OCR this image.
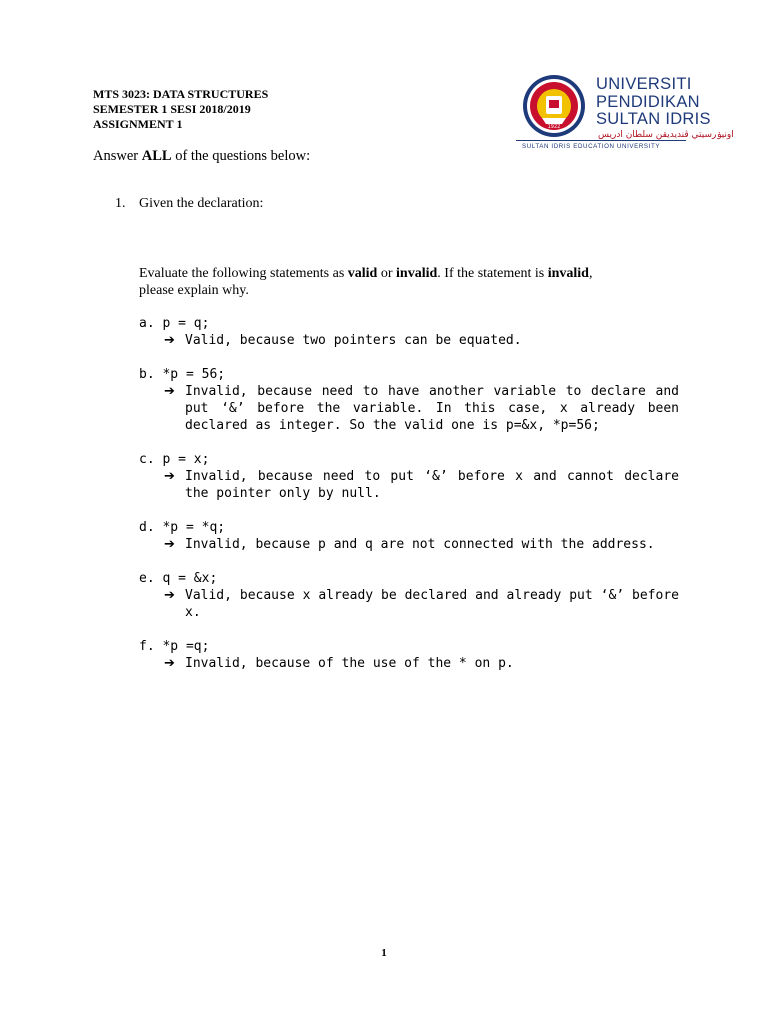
MTS 3023: DATA STRUCTURES
SEMESTER 1 SESI 2018/2019
ASSIGNMENT 1	1922
UNIVERSITI
PENDIDIKAN
SULTAN IDRIS
اونيۏرسيتي ڤنديديقن سلطان ادريس
SULTAN IDRIS EDUCATION UNIVERSITY
Answer ALL of the questions below:
1. Given the declaration:
Evaluate the following statements as valid or invalid. If the statement is invalid,
please explain why.
a. p = q;
➔ Valid, because two pointers can be equated.
b. *p = 56;
➔ Invalid, because need to have another variable to declare and put ‘&’ before the variable. In this case, x already been declared as integer. So the valid one is p=&x, *p=56;
c. p = x;
➔ Invalid, because need to put ‘&’ before x and cannot declare the pointer only by null.
d. *p = *q;
➔ Invalid, because p and q are not connected with the address.
e. q = &x;
➔ Valid, because x already be declared and already put ‘&’ before x.
f. *p =q;
➔ Invalid, because of the use of the * on p.
1
